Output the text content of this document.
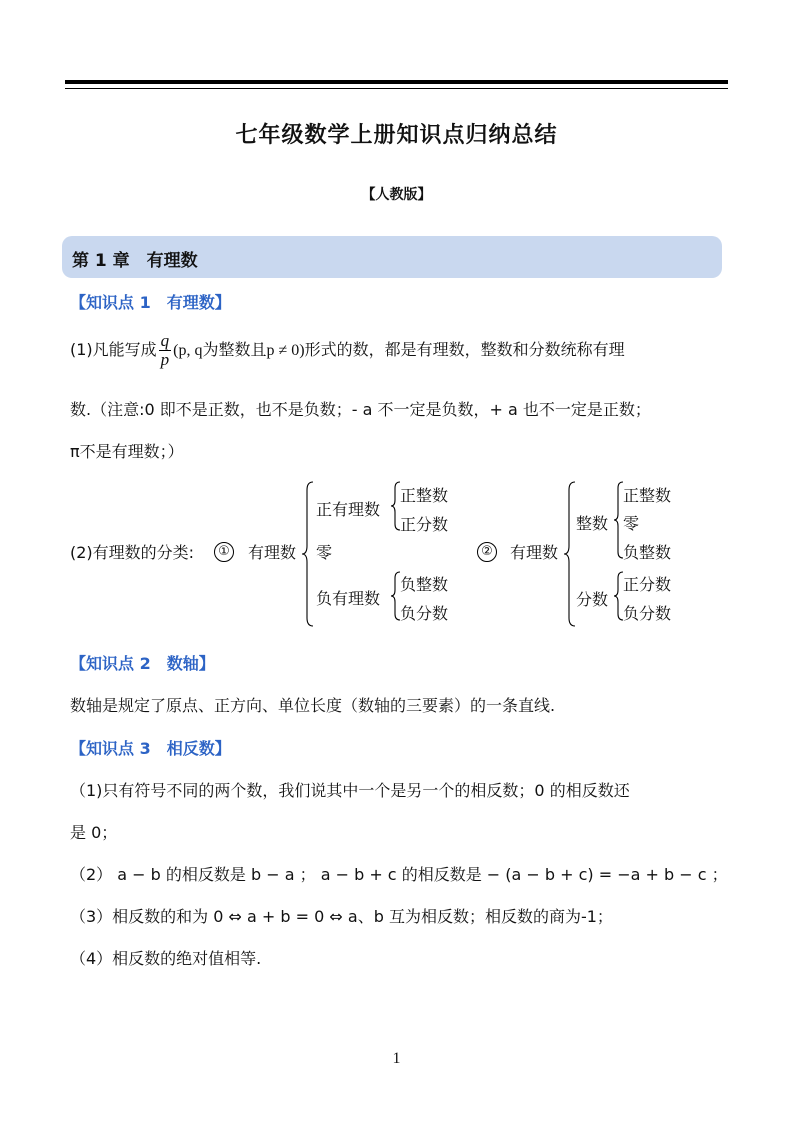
七年级数学上册知识点归纳总结
【人教版】
第 1 章　有理数
【知识点 1　有理数】
(1)凡能写成 $\frac{q}{p} (p$, q为整数且p ≠ 0)形式的数，都是有理数，整数和分数统称有理
数.（注意:0 即不是正数，也不是负数；- a 不一定是负数，+ a 也不一定是正数；
π不是有理数；）
(2)有理数的分类:	① 有理数
正有理数
正整数
正分数
零
负有理数
负整数
负分数
② 有理数
整数
正整数
零
负整数
分数
正分数
负分数
【知识点 2　数轴】
数轴是规定了原点、正方向、单位长度（数轴的三要素）的一条直线.
【知识点 3　相反数】
（1)只有符号不同的两个数，我们说其中一个是另一个的相反数；0 的相反数还
是 0；
（2） a − b 的相反数是 b − a ； a − b + c 的相反数是 − (a − b + c) = −a + b − c ；
（3）相反数的和为 0 ⇔ a + b = 0 ⇔ a、b 互为相反数；相反数的商为-1；
（4）相反数的绝对值相等.
1
